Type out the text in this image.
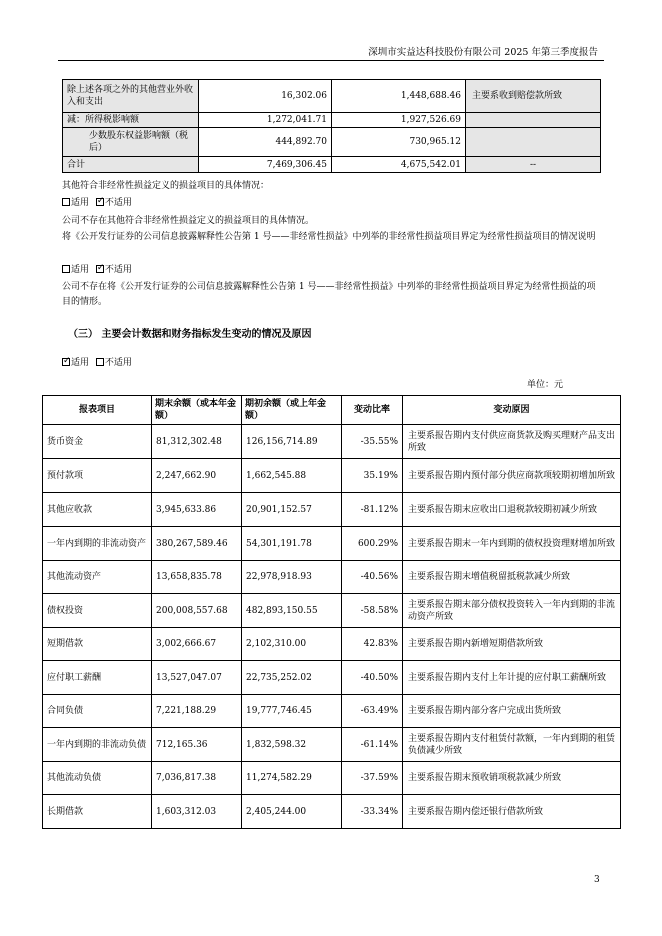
深圳市实益达科技股份有限公司 2025 年第三季度报告
除上述各项之外的其他营业外收入和支出	16,302.06	1,448,688.46	主要系收到赔偿款所致
减：所得税影响额	1,272,041.71	1,927,526.69	
少数股东权益影响额（税后）	444,892.70	730,965.12	
合计	7,469,306.45	4,675,542.01	--

其他符合非经常性损益定义的损益项目的具体情况：

适用 ✓ 不适用

公司不存在其他符合非经常性损益定义的损益项目的具体情况。

将《公开发行证券的公司信息披露解释性公告第 1 号——非经常性损益》中列举的非经常性损益项目界定为经常性损益项目的情况说明

适用 ✓ 不适用

公司不存在将《公开发行证券的公司信息披露解释性公告第 1 号——非经常性损益》中列举的非经常性损益项目界定为经常性损益的项目的情形。

（三） 主要会计数据和财务指标发生变动的情况及原因

✓适用 不适用

单位：元
报表项目	期末余额（或本年金额）	期初余额（或上年金额）	变动比率	变动原因
货币资金	81,312,302.48	126,156,714.89	-35.55%	主要系报告期内支付供应商货款及购买理财产品支出所致
预付款项	2,247,662.90	1,662,545.88	35.19%	主要系报告期内预付部分供应商款项较期初增加所致
其他应收款	3,945,633.86	20,901,152.57	-81.12%	主要系报告期末应收出口退税款较期初减少所致
一年内到期的非流动资产	380,267,589.46	54,301,191.78	600.29%	主要系报告期末一年内到期的债权投资理财增加所致
其他流动资产	13,658,835.78	22,978,918.93	-40.56%	主要系报告期末增值税留抵税款减少所致
债权投资	200,008,557.68	482,893,150.55	-58.58%	主要系报告期末部分债权投资转入一年内到期的非流动资产所致
短期借款	3,002,666.67	2,102,310.00	42.83%	主要系报告期内新增短期借款所致
应付职工薪酬	13,527,047.07	22,735,252.02	-40.50%	主要系报告期内支付上年计提的应付职工薪酬所致
合同负债	7,221,188.29	19,777,746.45	-63.49%	主要系报告期内部分客户完成出货所致
一年内到期的非流动负债	712,165.36	1,832,598.32	-61.14%	主要系报告期内支付租赁付款额，一年内到期的租赁负债减少所致
其他流动负债	7,036,817.38	11,274,582.29	-37.59%	主要系报告期末预收销项税款减少所致
长期借款	1,603,312.03	2,405,244.00	-33.34%	主要系报告期内偿还银行借款所致
3
